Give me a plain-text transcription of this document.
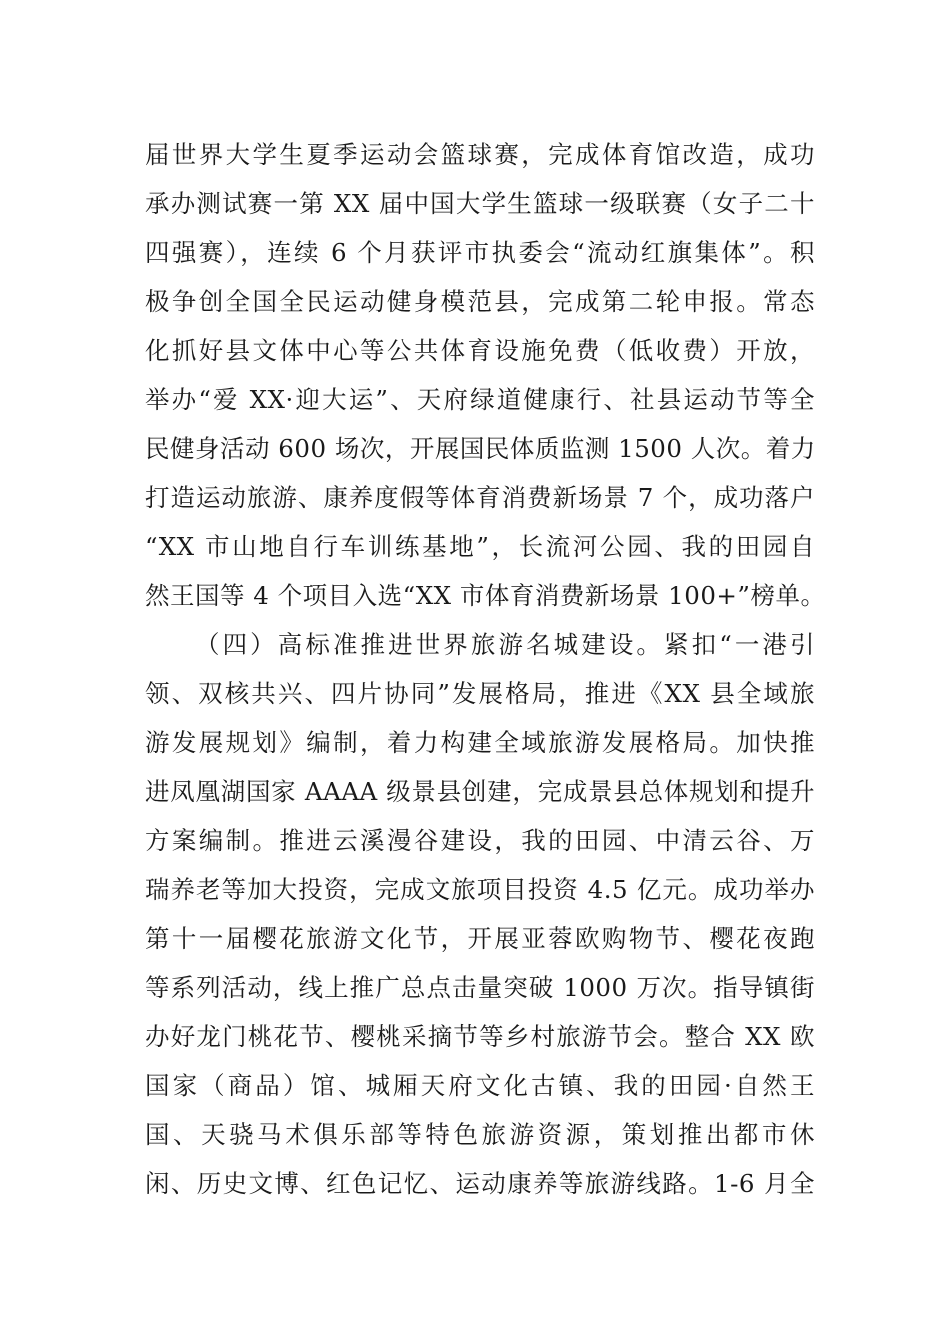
届世界大学生夏季运动会篮球赛，完成体育馆改造，成功
承办测试赛一第 XX 届中国大学生篮球一级联赛（女子二十
四强赛），连续 6 个月获评市执委会“流动红旗集体”。积
极争创全国全民运动健身模范县，完成第二轮申报。常态
化抓好县文体中心等公共体育设施免费（低收费）开放，
举办“爱 XX·迎大运”、天府绿道健康行、社县运动节等全
民健身活动 600 场次，开展国民体质监测 1500 人次。着力
打造运动旅游、康养度假等体育消费新场景 7 个，成功落户
“XX 市山地自行车训练基地”，长流河公园、我的田园自
然王国等 4 个项目入选“XX 市体育消费新场景 100+”榜单。
（四）高标准推进世界旅游名城建设。紧扣“一港引
领、双核共兴、四片协同”发展格局，推进《XX 县全域旅
游发展规划》编制，着力构建全域旅游发展格局。加快推
进凤凰湖国家 AAAA 级景县创建，完成景县总体规划和提升
方案编制。推进云溪漫谷建设，我的田园、中清云谷、万
瑞养老等加大投资，完成文旅项目投资 4.5 亿元。成功举办
第十一届樱花旅游文化节，开展亚蓉欧购物节、樱花夜跑
等系列活动，线上推广总点击量突破 1000 万次。指导镇街
办好龙门桃花节、樱桃采摘节等乡村旅游节会。整合 XX 欧
国家（商品）馆、城厢天府文化古镇、我的田园·自然王
国、天骁马术俱乐部等特色旅游资源，策划推出都市休
闲、历史文博、红色记忆、运动康养等旅游线路。1-6 月全
